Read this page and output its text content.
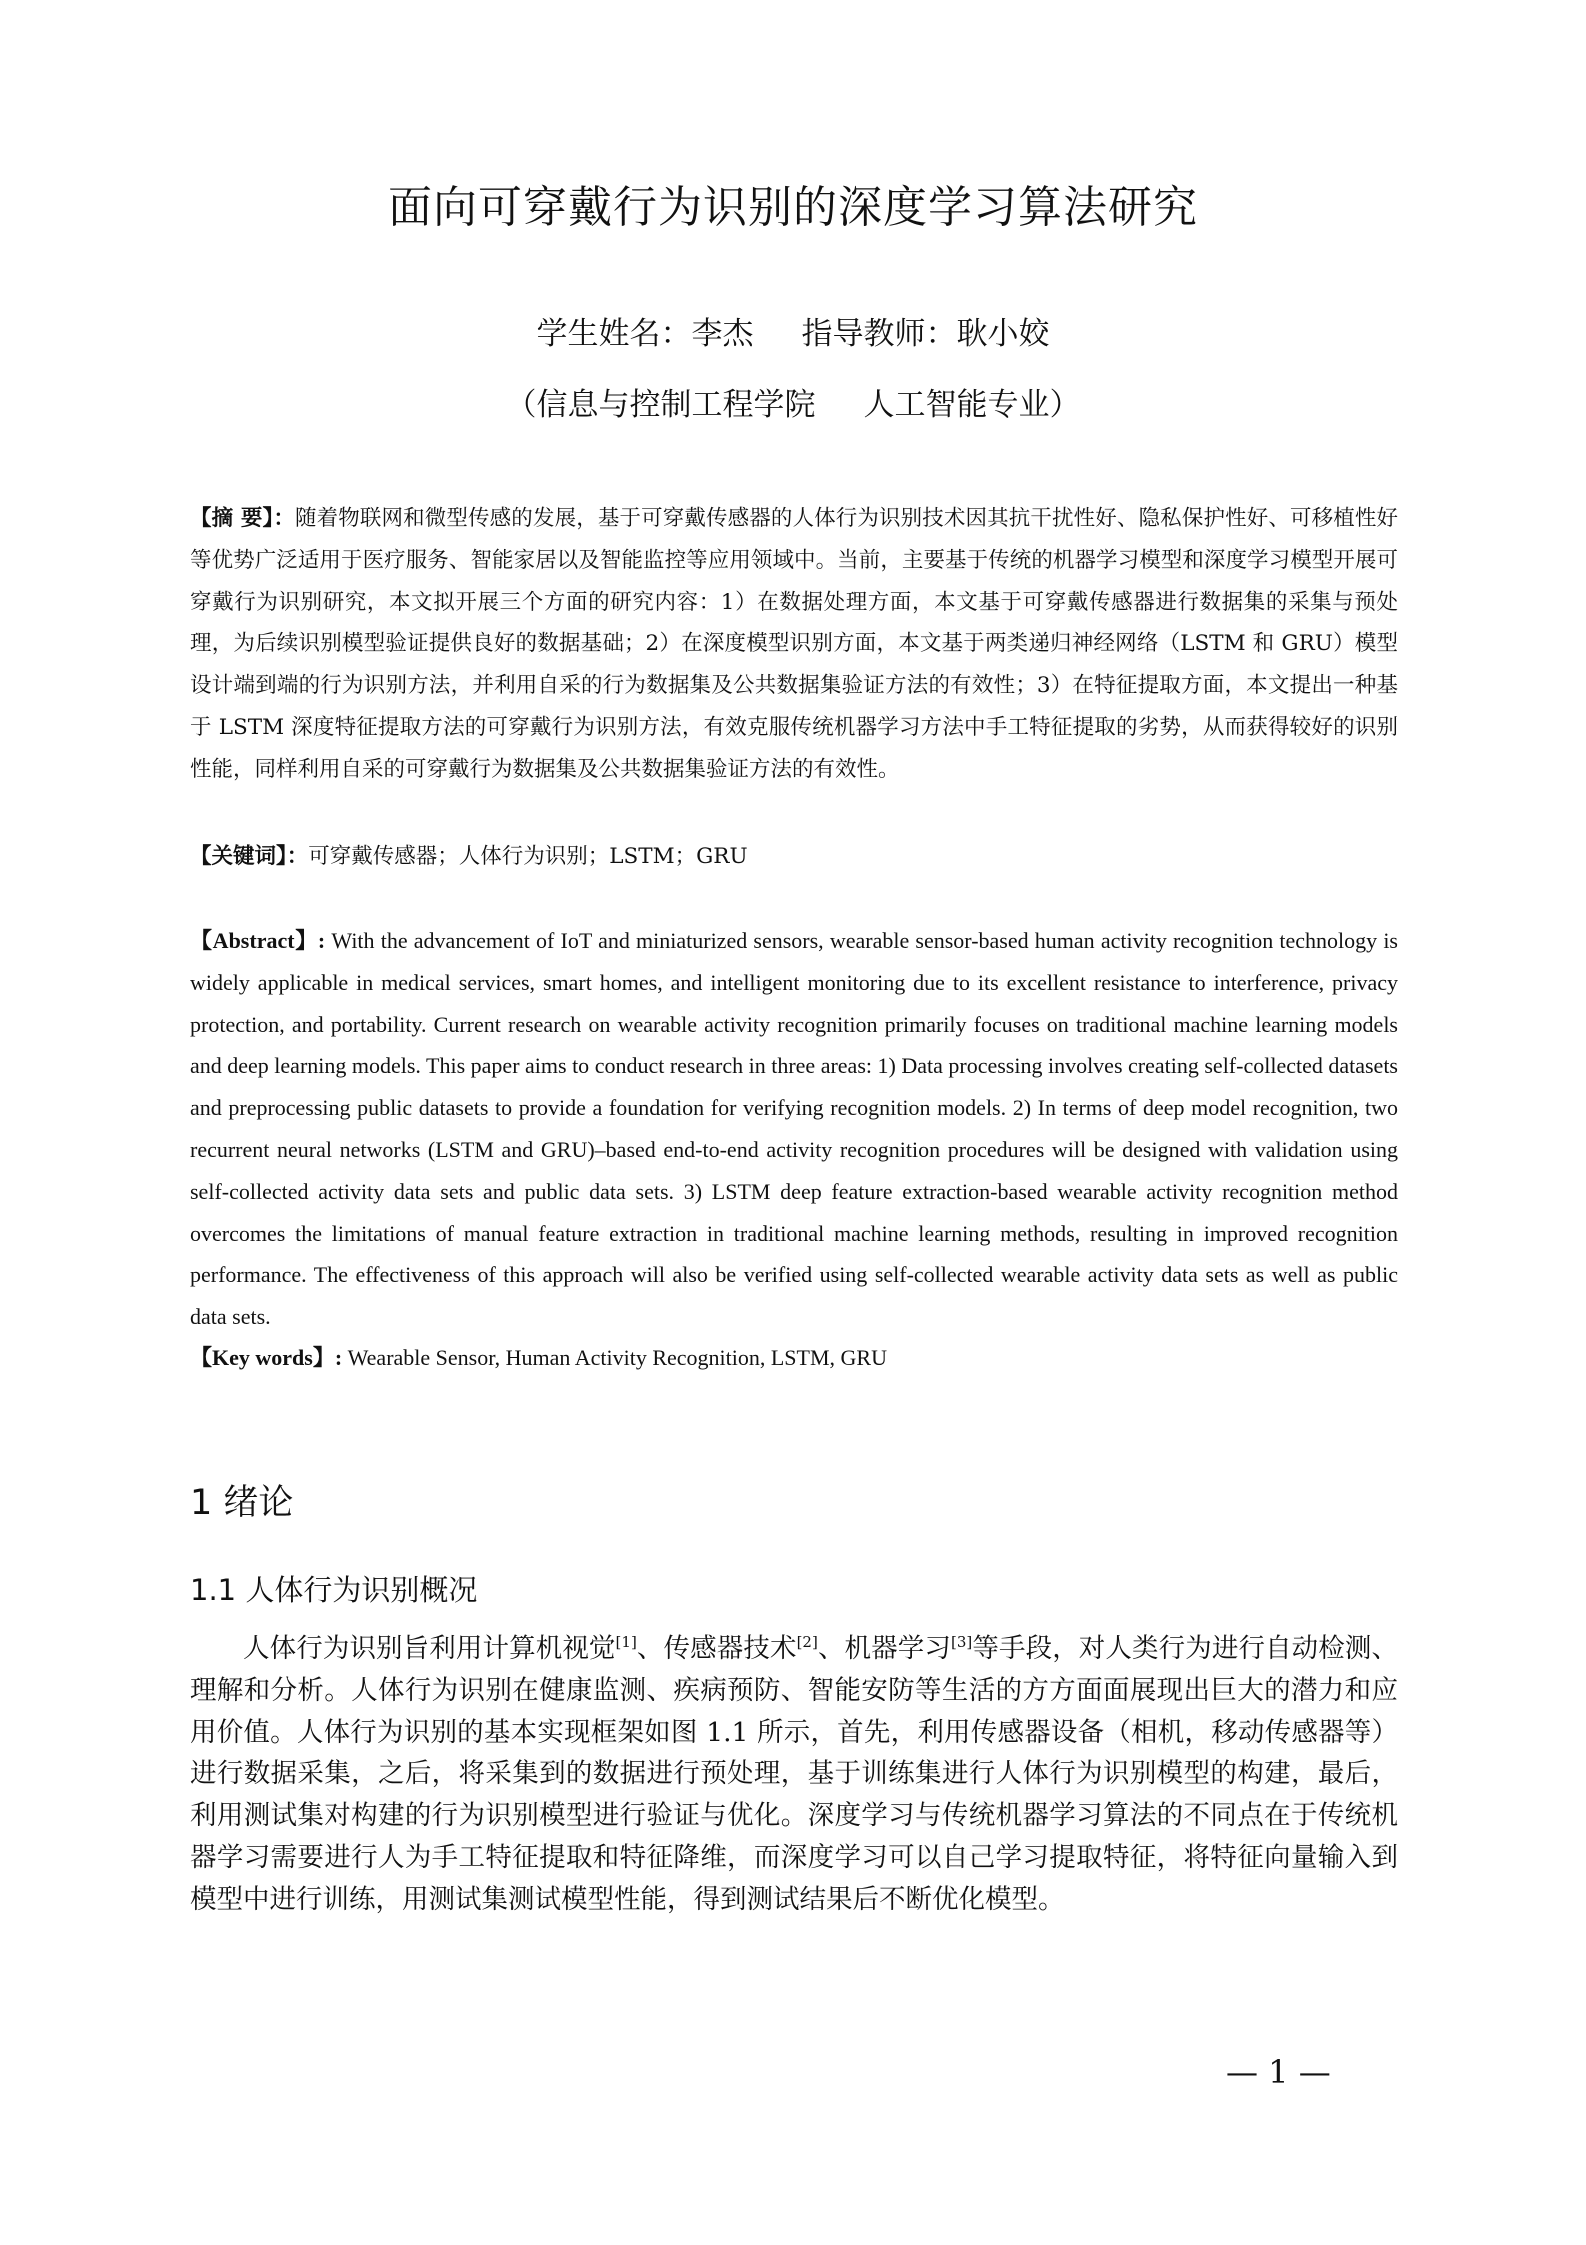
面向可穿戴行为识别的深度学习算法研究
学生姓名：李杰 指导教师：耿小姣
（信息与控制工程学院 人工智能专业）
【摘 要】：随着物联网和微型传感的发展，基于可穿戴传感器的人体行为识别技术因其抗干扰性好、隐私保护性好、可移植性好等优势广泛适用于医疗服务、智能家居以及智能监控等应用领域中。当前，主要基于传统的机器学习模型和深度学习模型开展可穿戴行为识别研究，本文拟开展三个方面的研究内容：1）在数据处理方面，本文基于可穿戴传感器进行数据集的采集与预处理，为后续识别模型验证提供良好的数据基础；2）在深度模型识别方面，本文基于两类递归神经网络（LSTM 和 GRU）模型设计端到端的行为识别方法，并利用自采的行为数据集及公共数据集验证方法的有效性；3）在特征提取方面，本文提出一种基于 LSTM 深度特征提取方法的可穿戴行为识别方法，有效克服传统机器学习方法中手工特征提取的劣势，从而获得较好的识别性能，同样利用自采的可穿戴行为数据集及公共数据集验证方法的有效性。
【关键词】：可穿戴传感器；人体行为识别；LSTM；GRU
【Abstract】: With the advancement of IoT and miniaturized sensors, wearable sensor-based human activity recognition technology is widely applicable in medical services, smart homes, and intelligent monitoring due to its excellent resistance to interference, privacy protection, and portability. Current research on wearable activity recognition primarily focuses on traditional machine learning models and deep learning models. This paper aims to conduct research in three areas: 1) Data processing involves creating self-collected datasets and preprocessing public datasets to provide a foundation for verifying recognition models. 2) In terms of deep model recognition, two recurrent neural networks (LSTM and GRU)–based end-to-end activity recognition procedures will be designed with validation using self-collected activity data sets and public data sets. 3) LSTM deep feature extraction-based wearable activity recognition method overcomes the limitations of manual feature extraction in traditional machine learning methods, resulting in improved recognition performance. The effectiveness of this approach will also be verified using self-collected wearable activity data sets as well as public data sets.
【Key words】: Wearable Sensor, Human Activity Recognition, LSTM, GRU
1 绪论
1.1 人体行为识别概况
人体行为识别旨利用计算机视觉[1]、传感器技术[2]、机器学习[3]等手段，对人类行为进行自动检测、理解和分析。人体行为识别在健康监测、疾病预防、智能安防等生活的方方面面展现出巨大的潜力和应用价值。人体行为识别的基本实现框架如图 1.1 所示，首先，利用传感器设备（相机，移动传感器等）进行数据采集，之后，将采集到的数据进行预处理，基于训练集进行人体行为识别模型的构建，最后，利用测试集对构建的行为识别模型进行验证与优化。深度学习与传统机器学习算法的不同点在于传统机器学习需要进行人为手工特征提取和特征降维，而深度学习可以自己学习提取特征，将特征向量输入到模型中进行训练，用测试集测试模型性能，得到测试结果后不断优化模型。
— 1 —
